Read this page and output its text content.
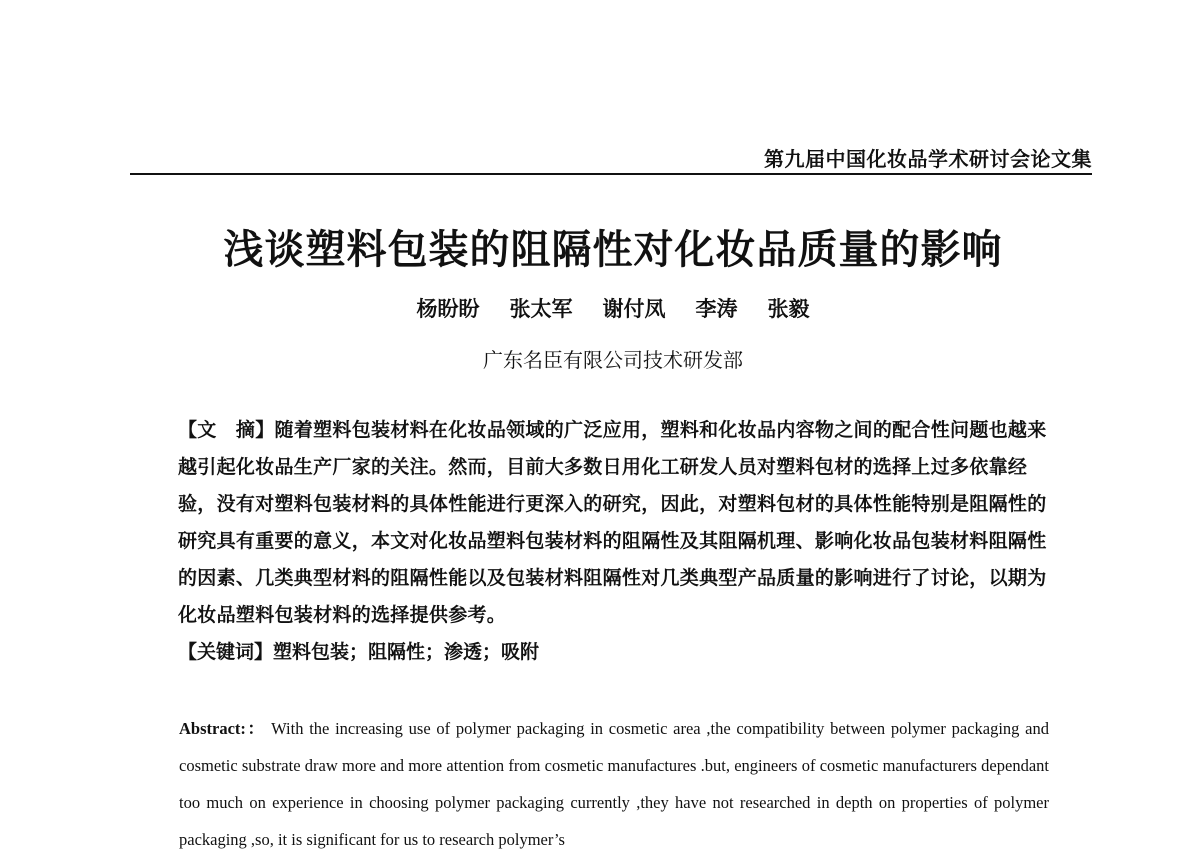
第九届中国化妆品学术研讨会论文集
浅谈塑料包装的阻隔性对化妆品质量的影响
杨盼盼 张太军 谢付凤 李涛 张毅
广东名臣有限公司技术研发部

【文　摘】随着塑料包装材料在化妆品领域的广泛应用，塑料和化妆品内容物之间的配合性问题也越来越引起化妆品生产厂家的关注。然而，目前大多数日用化工研发人员对塑料包材的选择上过多依靠经验，没有对塑料包装材料的具体性能进行更深入的研究，因此，对塑料包材的具体性能特别是阻隔性的研究具有重要的意义，本文对化妆品塑料包装材料的阻隔性及其阻隔机理、影响化妆品包装材料阻隔性的因素、几类典型材料的阻隔性能以及包装材料阻隔性对几类典型产品质量的影响进行了讨论，以期为化妆品塑料包装材料的选择提供参考。

【关键词】塑料包装；阻隔性；渗透；吸附

Abstract:： With the increasing use of polymer packaging in cosmetic area ,the compatibility between polymer packaging and cosmetic substrate draw more and more attention from cosmetic manufactures .but, engineers of cosmetic manufacturers dependant too much on experience in choosing polymer packaging currently ,they have not researched in depth on properties of polymer packaging ,so, it is significant for us to research polymer’s
